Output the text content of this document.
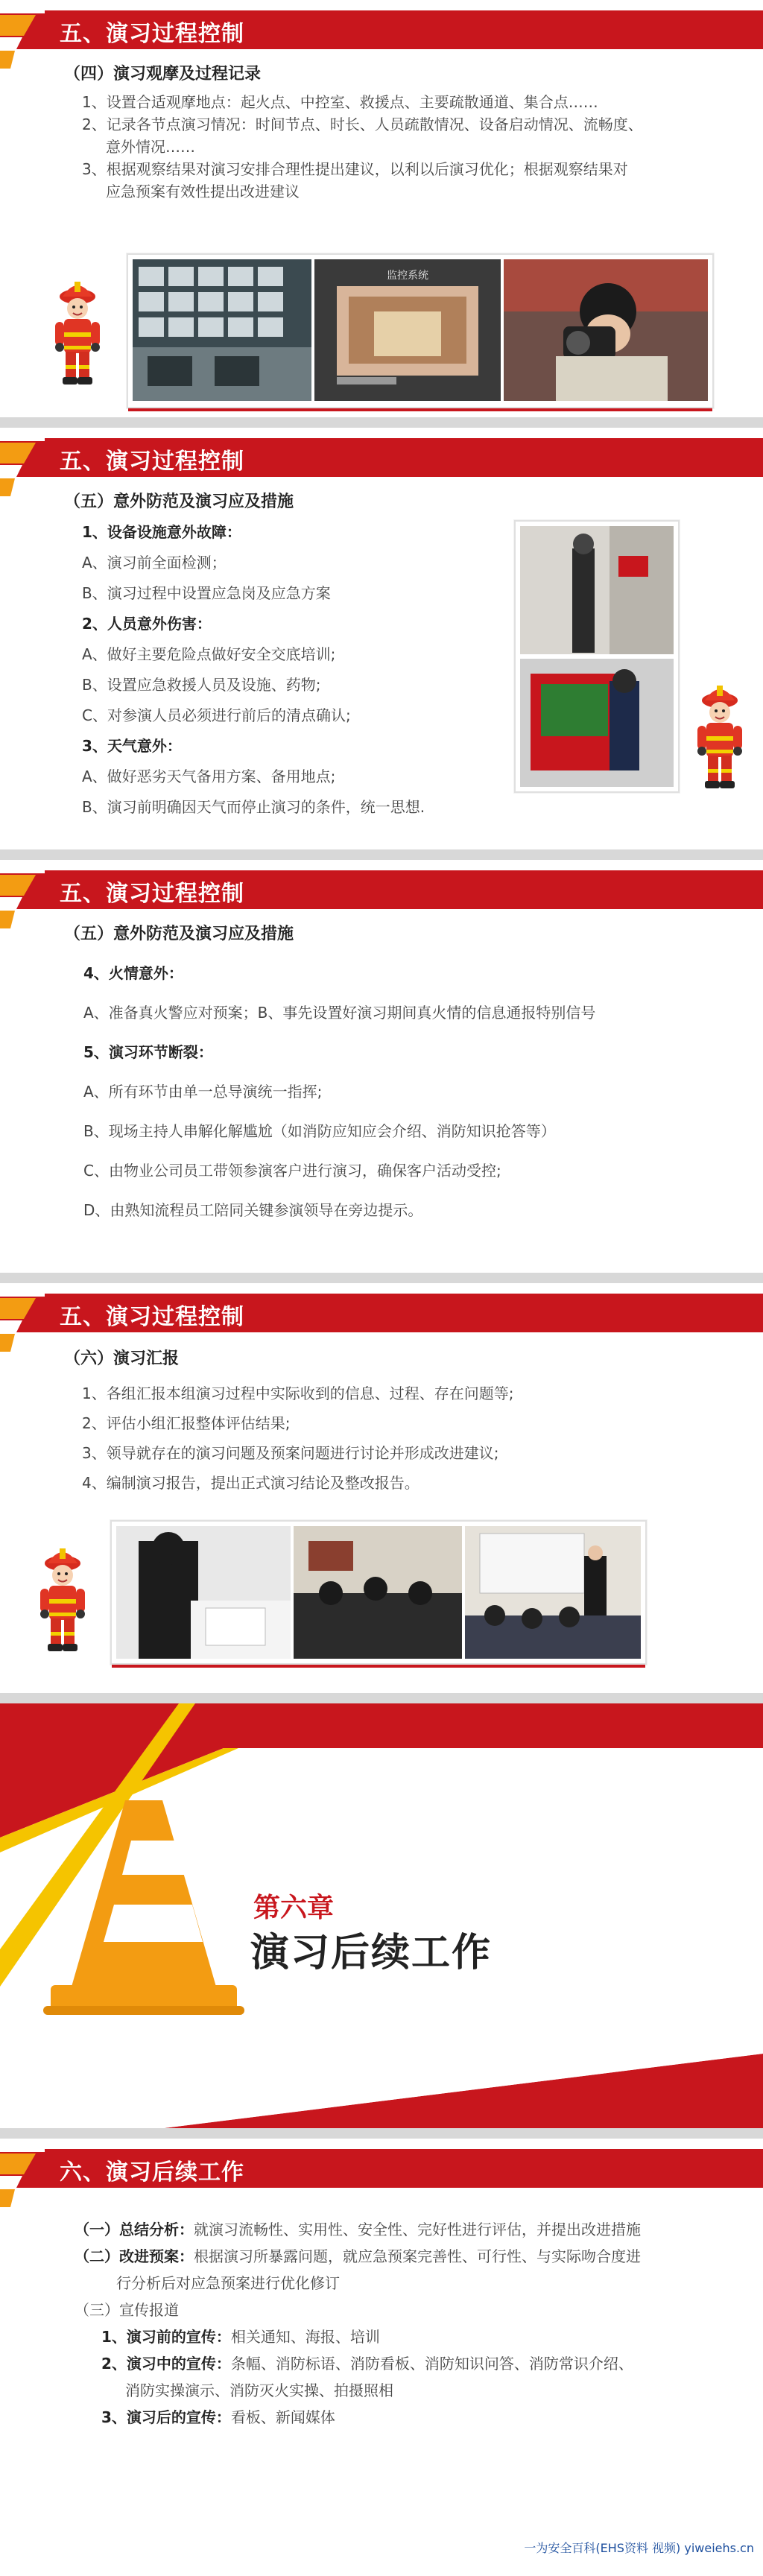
五、演习过程控制
（四）演习观摩及过程记录
1、设置合适观摩地点：起火点、中控室、救援点、主要疏散通道、集合点……
2、记录各节点演习情况：时间节点、时长、人员疏散情况、设备启动情况、流畅度、
意外情况……
3、根据观察结果对演习安排合理性提出建议，以利以后演习优化；根据观察结果对
应急预案有效性提出改进建议
监控系统
五、演习过程控制
（五）意外防范及演习应及措施
1、设备设施意外故障：
A、演习前全面检测；
B、演习过程中设置应急岗及应急方案
2、人员意外伤害：
A、做好主要危险点做好安全交底培训;
B、设置应急救援人员及设施、药物;
C、对参演人员必须进行前后的清点确认;
3、天气意外：
A、做好恶劣天气备用方案、备用地点;
B、演习前明确因天气而停止演习的条件，统一思想.
五、演习过程控制
（五）意外防范及演习应及措施
4、火情意外：
A、准备真火警应对预案；B、事先设置好演习期间真火情的信息通报特别信号
5、演习环节断裂：
A、所有环节由单一总导演统一指挥;
B、现场主持人串解化解尴尬（如消防应知应会介绍、消防知识抢答等）
C、由物业公司员工带领参演客户进行演习，确保客户活动受控;
D、由熟知流程员工陪同关键参演领导在旁边提示。
五、演习过程控制
（六）演习汇报
1、各组汇报本组演习过程中实际收到的信息、过程、存在问题等;
2、评估小组汇报整体评估结果;
3、领导就存在的演习问题及预案问题进行讨论并形成改进建议;
4、编制演习报告，提出正式演习结论及整改报告。
第六章
演习后续工作
六、演习后续工作
（一）总结分析：就演习流畅性、实用性、安全性、完好性进行评估，并提出改进措施
（二）改进预案：根据演习所暴露问题，就应急预案完善性、可行性、与实际吻合度进
行分析后对应急预案进行优化修订
（三）宣传报道
1、演习前的宣传：相关通知、海报、培训
2、演习中的宣传：条幅、消防标语、消防看板、消防知识问答、消防常识介绍、
消防实操演示、消防灭火实操、拍摄照相
3、演习后的宣传：看板、新闻媒体
一为安全百科(EHS资料 视频) yiweiehs.cn
